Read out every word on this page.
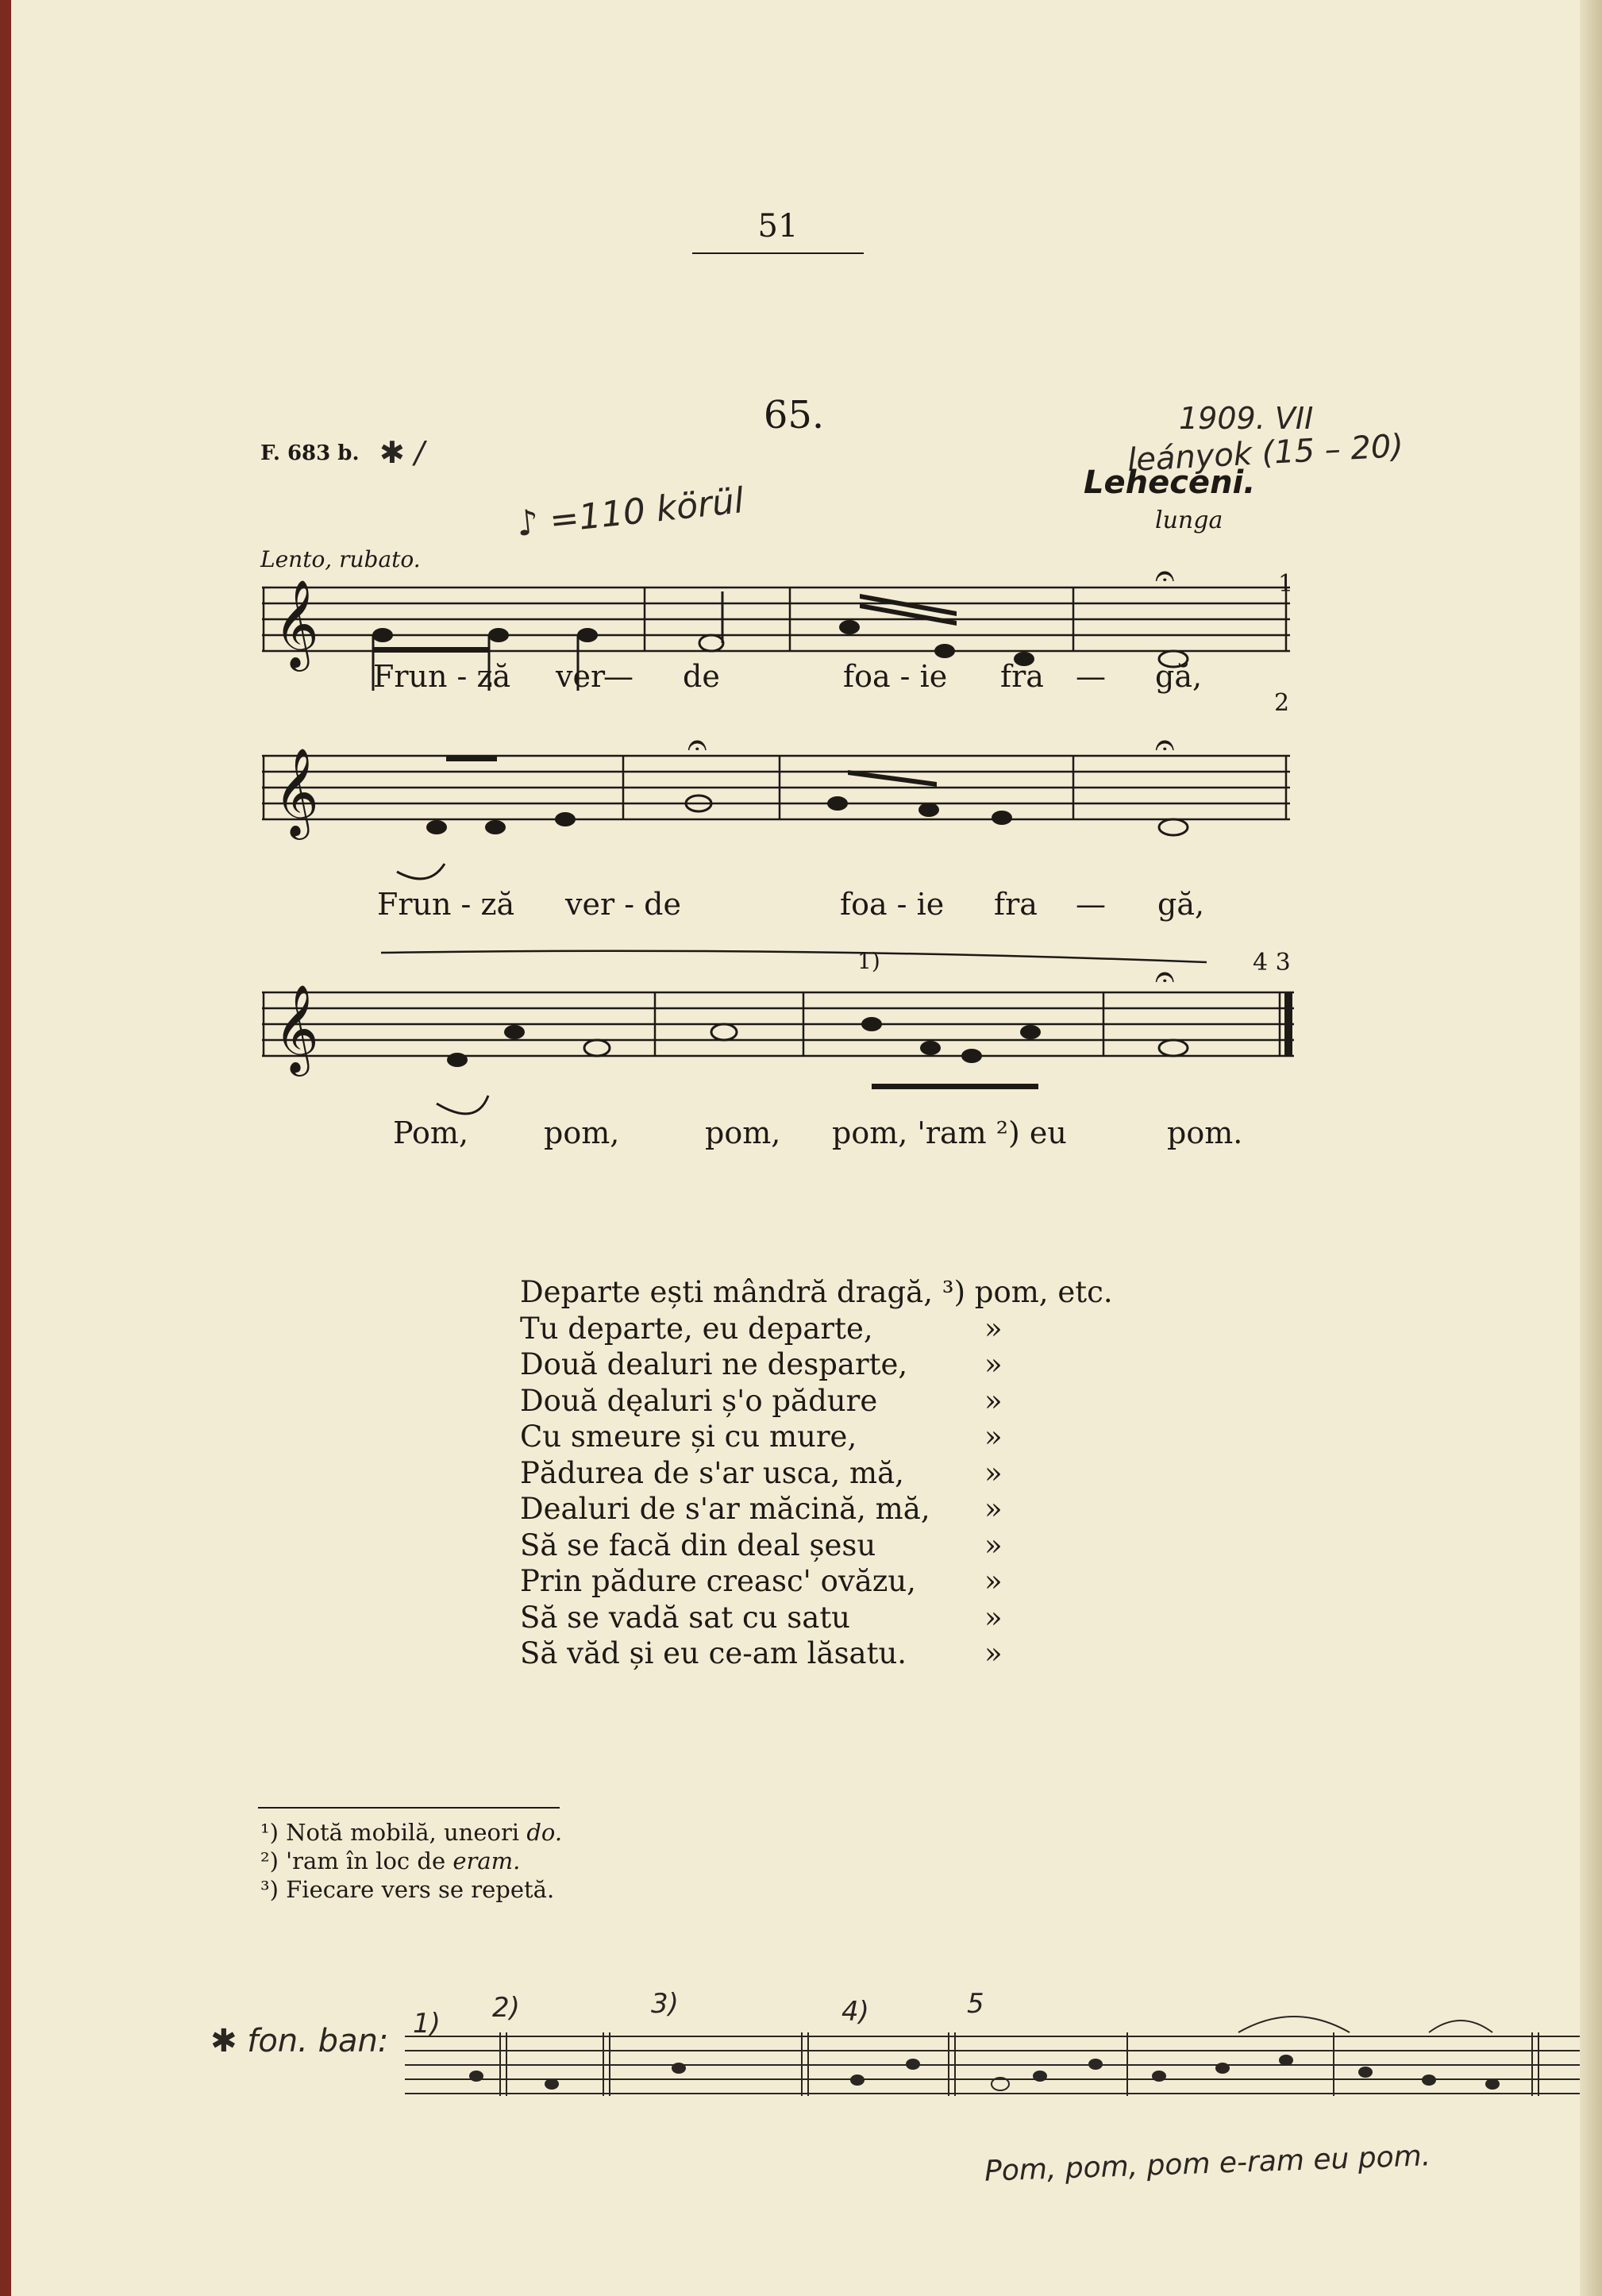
51
65.
F. 683 b. ✱ /
Lento, rubato.
♪ =110 körül
1909. VII
leányok (15 – 20)
Leheceni.
lunga
𝄞
𝄞
𝄞
𝄐	1
𝄐	𝄐
2
𝄐	4 3
1)
1) 2)	3)	4)	5
Frun - ză ver
— de	foa - ie fra — gă,
Frun - ză ver - de	foa - ie fra — gă,
Pom, pom,	pom, pom, 'ram ²) eu	pom.
Departe ești mândră dragă, ³) pom, etc.
Tu departe, eu departe,	»
Două dealuri ne desparte,	»
Două dęaluri ș'o pădure	»
Cu smeure și cu mure,	»
Pădurea de s'ar usca, mă,	»
Dealuri de s'ar măcină, mă,	»
Să se facă din deal șesu	»
Prin pădure creasc' ovăzu,	»
Să se vadă sat cu satu	»
Să văd și eu ce-am lăsatu.	»
¹) Notă mobilă, uneori do.
²) 'ram în loc de eram.
³) Fiecare vers se repetă.
✱ fon. ban:
Pom, pom, pom e-ram eu pom.
